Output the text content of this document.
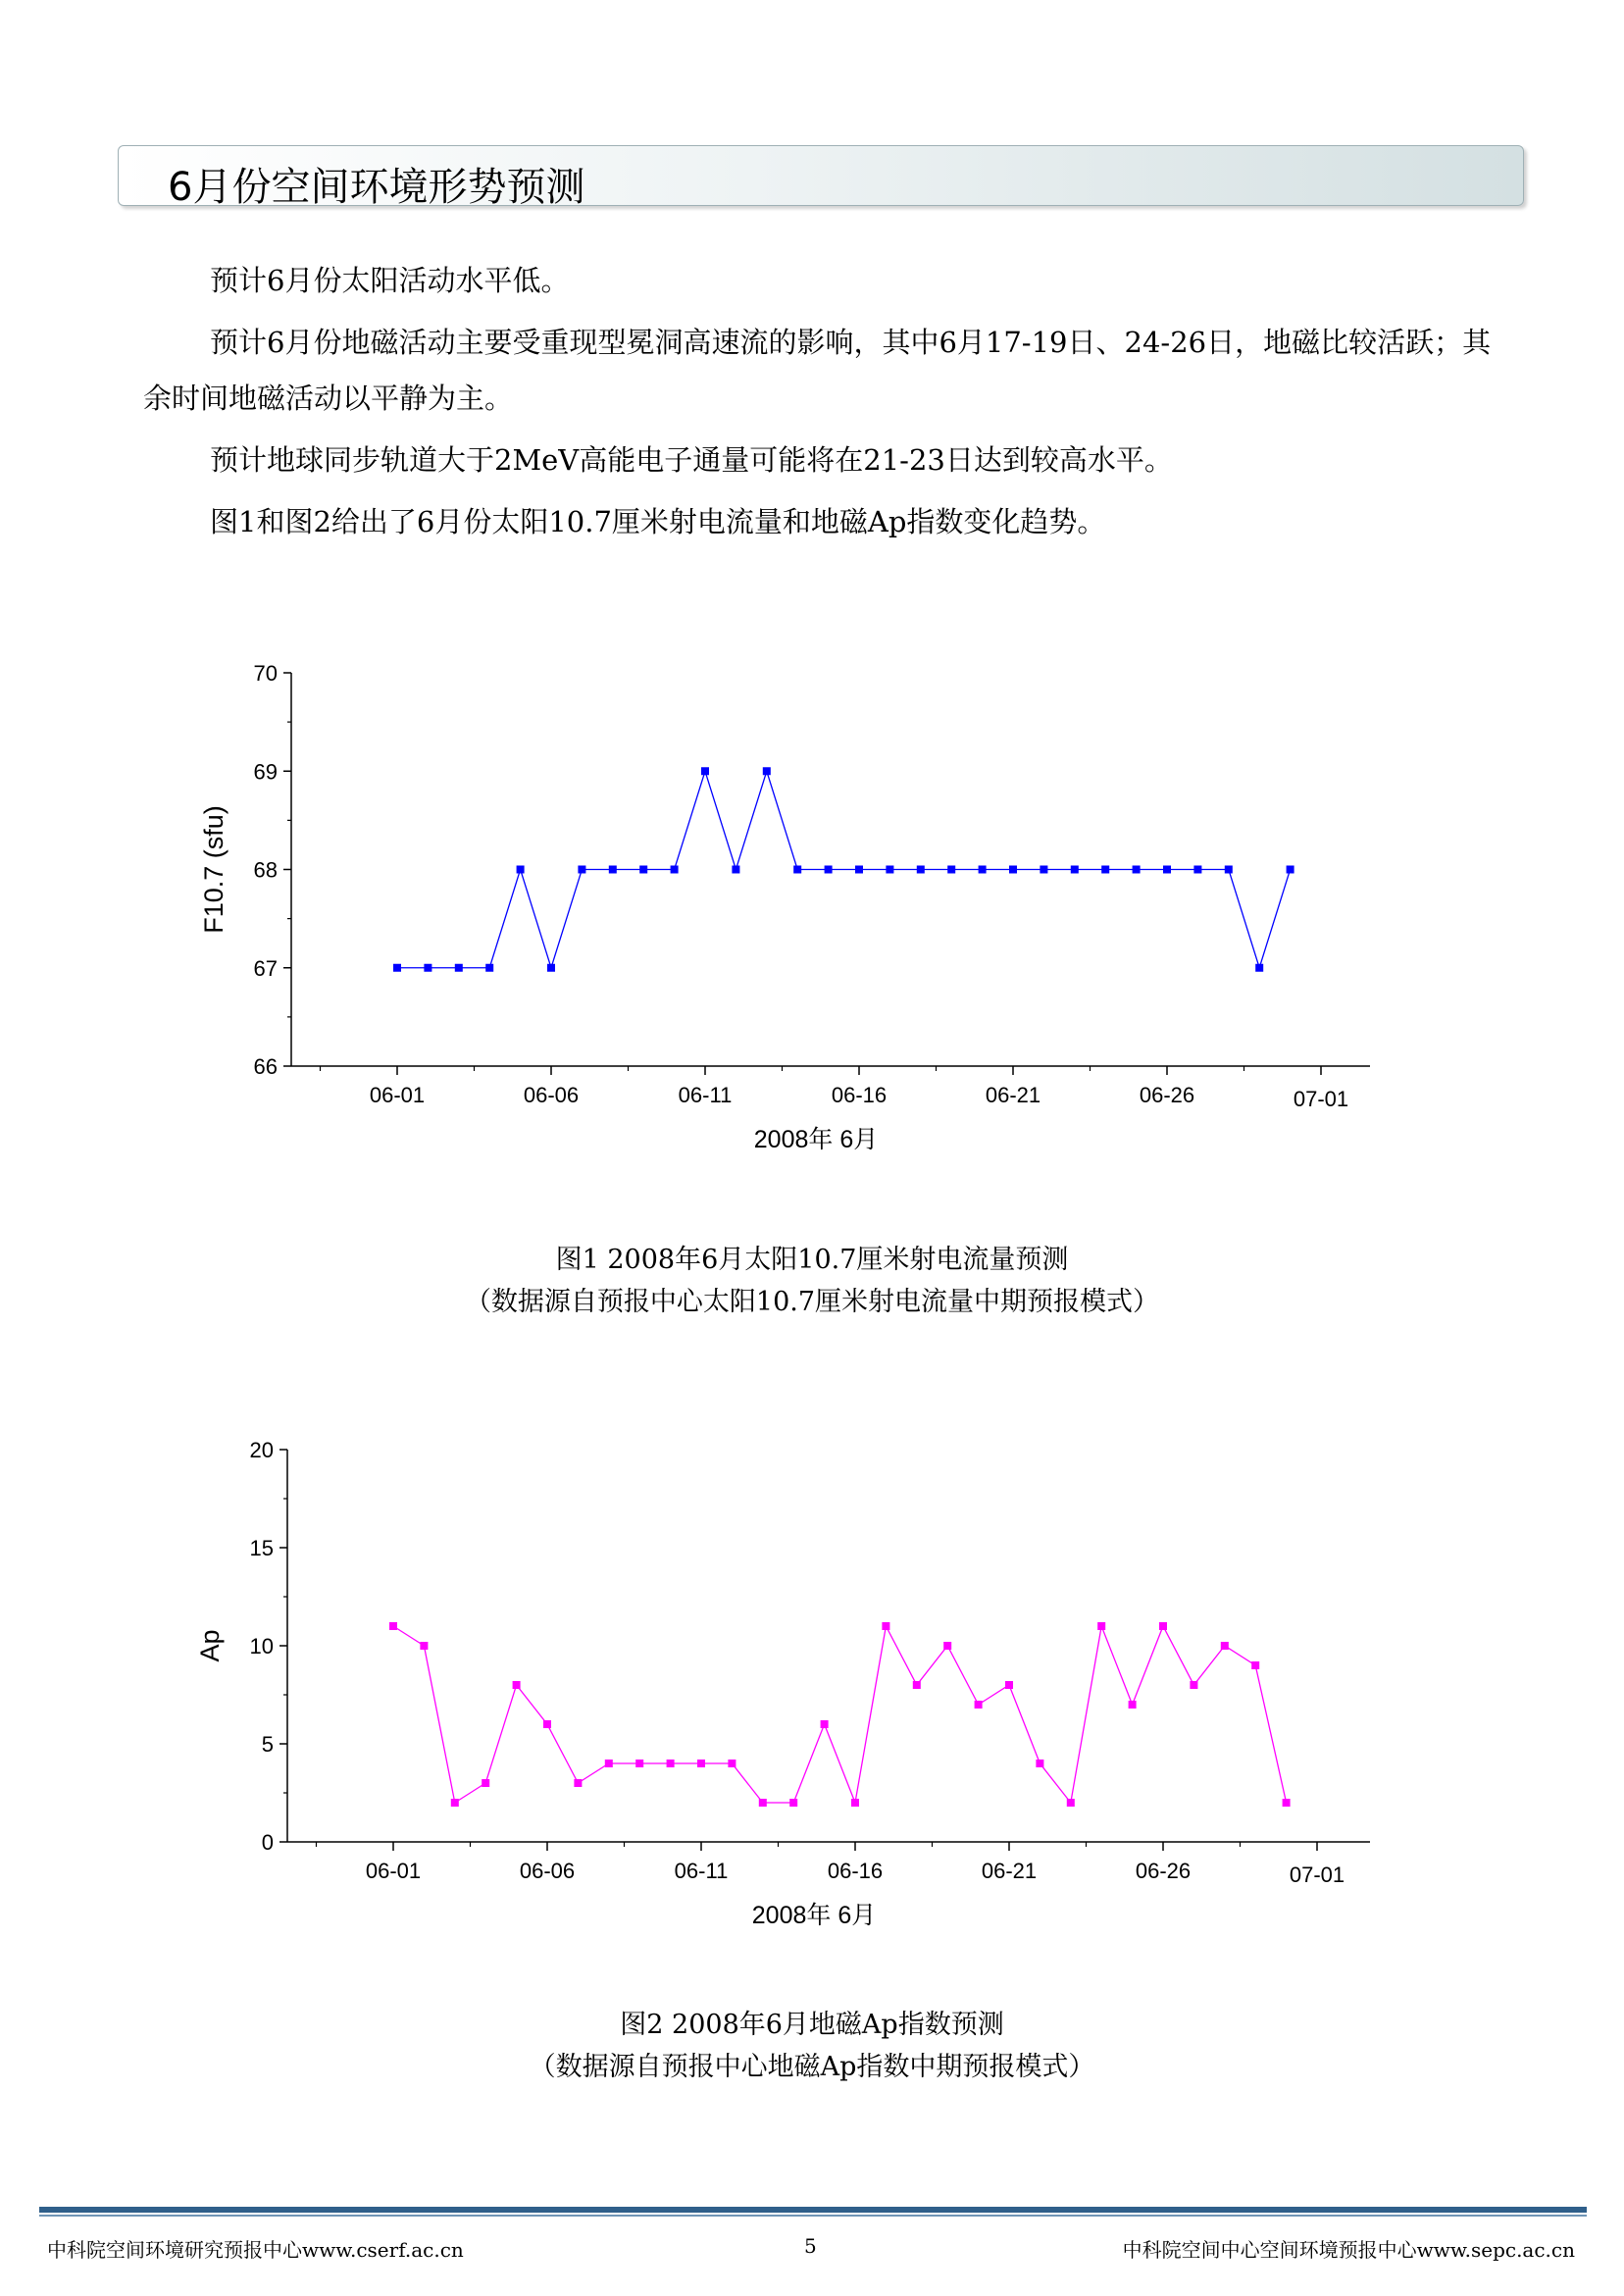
6月份空间环境形势预测

预计6月份太阳活动水平低。

预计6月份地磁活动主要受重现型冕洞高速流的影响，其中6月17-19日、24-26日，地磁比较活跃；其余时间地磁活动以平静为主。

预计地球同步轨道大于2MeV高能电子通量可能将在21-23日达到较高水平。

图1和图2给出了6月份太阳10.7厘米射电流量和地磁Ap指数变化趋势。

66
67
68
69
70
06-01	06-06	06-11	06-16	06-21	06-26	07-01
2008年 6月
F10.7 (sfu)
图1 2008年6月太阳10.7厘米射电流量预测
（数据源自预报中心太阳10.7厘米射电流量中期预报模式）
0
5
10
15
20
06-01	06-06	06-11	06-16	06-21	06-26	07-01
2008年 6月
Ap
图2 2008年6月地磁Ap指数预测
（数据源自预报中心地磁Ap指数中期预报模式）
中科院空间环境研究预报中心www.cserf.ac.cn	5	中科院空间中心空间环境预报中心www.sepc.ac.cn
